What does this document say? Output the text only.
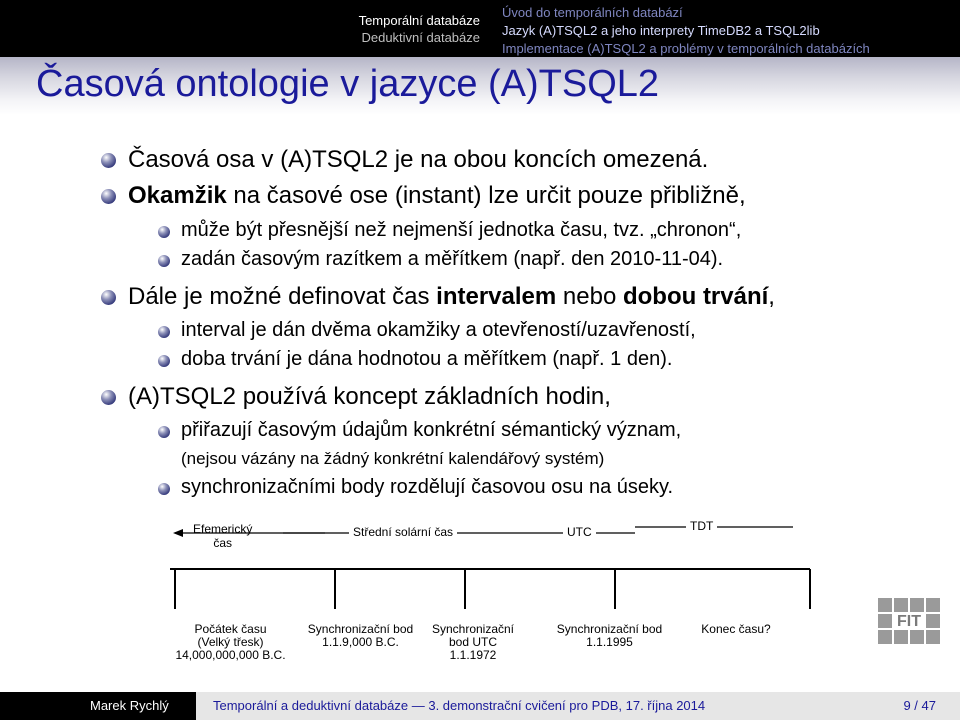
Temporální databáze
Deduktivní databáze
Úvod do temporálních databází
Jazyk (A)TSQL2 a jeho interprety TimeDB2 a TSQL2lib
Implementace (A)TSQL2 a problémy v temporálních databázích
Časová ontologie v jazyce (A)TSQL2
Časová osa v (A)TSQL2 je na obou koncích omezená.
Okamžik na časové ose (instant) lze určit pouze přibližně,
může být přesnější než nejmenší jednotka času, tvz. „chronon“,
zadán časovým razítkem a měřítkem (např. den 2010-11-04).
Dále je možné definovat čas intervalem nebo dobou trvání,
interval je dán dvěma okamžiky a otevřeností/uzavřeností,
doba trvání je dána hodnotou a měřítkem (např. 1 den).
(A)TSQL2 používá koncept základních hodin,
přiřazují časovým údajům konkrétní sémantický význam,
(nejsou vázány na žádný konkrétní kalendářový systém)
synchronizačními body rozdělují časovou osu na úseky.
Efemerický
čas
Střední solární čas	UTC	TDT
Počátek času
(Velký třesk)
14,000,000,000 B.C.
Synchronizační bod
1.1.9,000 B.C.
Synchronizační
bod UTC
1.1.1972
Synchronizační bod
1.1.1995
Konec času?	FIT
Marek Rychlý	Temporální a deduktivní databáze — 3. demonstrační cvičení pro PDB, 17. října 2014	9 / 47
